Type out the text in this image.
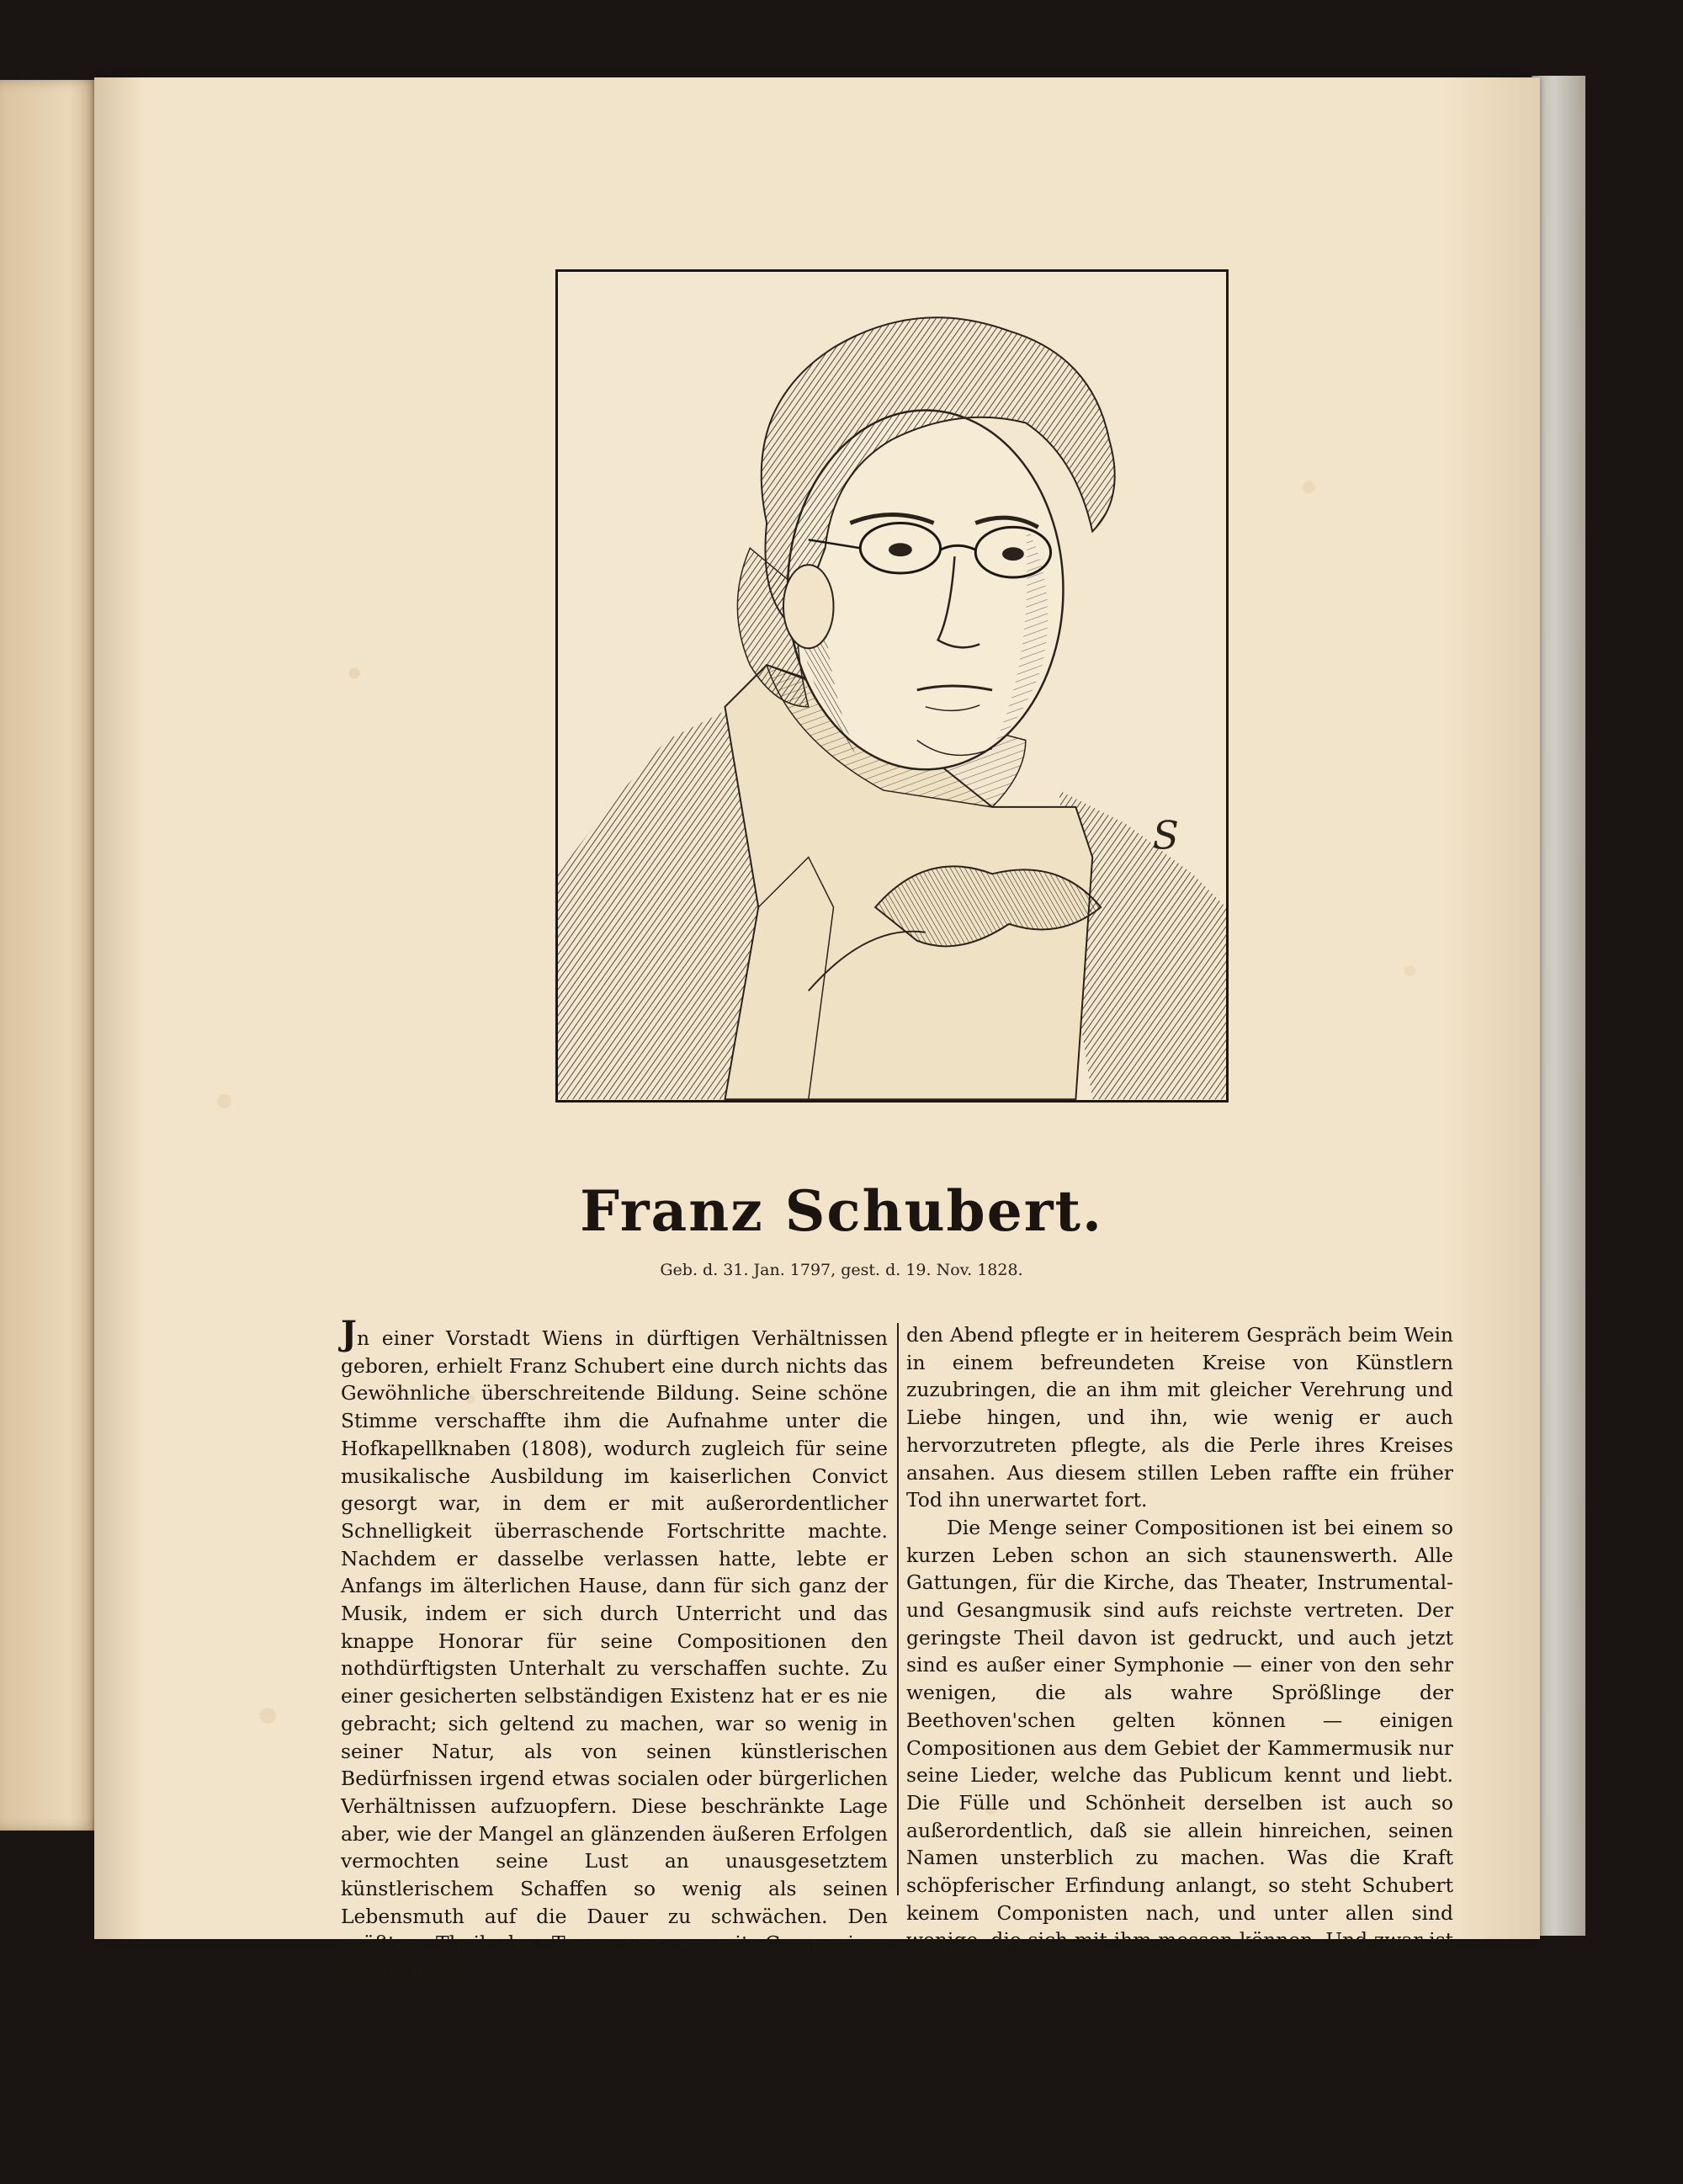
S
Franz Schubert.
Geb. d. 31. Jan. 1797, gest. d. 19. Nov. 1828.

Jn einer Vorstadt Wiens in dürftigen Verhältnissen geboren, erhielt Franz Schubert eine durch nichts das Gewöhnliche überschreitende Bildung. Seine schöne Stimme verschaffte ihm die Aufnahme unter die Hofkapellknaben (1808), wodurch zugleich für seine musikalische Ausbildung im kaiserlichen Convict gesorgt war, in dem er mit außerordentlicher Schnelligkeit überraschende Fortschritte machte. Nachdem er dasselbe verlassen hatte, lebte er Anfangs im älterlichen Hause, dann für sich ganz der Musik, indem er sich durch Unterricht und das knappe Honorar für seine Compositionen den nothdürftigsten Unterhalt zu verschaffen suchte. Zu einer gesicherten selbständigen Existenz hat er es nie gebracht; sich geltend zu machen, war so wenig in seiner Natur, als von seinen künstlerischen Bedürfnissen irgend etwas socialen oder bürgerlichen Verhältnissen aufzuopfern. Diese beschränkte Lage aber, wie der Mangel an glänzenden äußeren Erfolgen vermochten seine Lust an unausgesetztem künstlerischem Schaffen so wenig als seinen Lebensmuth auf die Dauer zu schwächen. Den größten Theil des Tages war er mit Componiren beschäftigt,

den Abend pflegte er in heiterem Gespräch beim Wein in einem befreundeten Kreise von Künstlern zuzubringen, die an ihm mit gleicher Verehrung und Liebe hingen, und ihn, wie wenig er auch hervorzutreten pflegte, als die Perle ihres Kreises ansahen. Aus diesem stillen Leben raffte ein früher Tod ihn unerwartet fort.

Die Menge seiner Compositionen ist bei einem so kurzen Leben schon an sich staunenswerth. Alle Gattungen, für die Kirche, das Theater, Instrumental- und Gesangmusik sind aufs reichste vertreten. Der geringste Theil davon ist gedruckt, und auch jetzt sind es außer einer Symphonie — einer von den sehr wenigen, die als wahre Sprößlinge der Beethoven'schen gelten können — einigen Compositionen aus dem Gebiet der Kammermusik nur seine Lieder, welche das Publicum kennt und liebt. Die Fülle und Schönheit derselben ist auch so außerordentlich, daß sie allein hinreichen, seinen Namen unsterblich zu machen. Was die Kraft schöpferischer Erfindung anlangt, so steht Schubert keinem Componisten nach, und unter allen sind wenige, die sich mit ihm messen können. Und zwar ist es nicht
